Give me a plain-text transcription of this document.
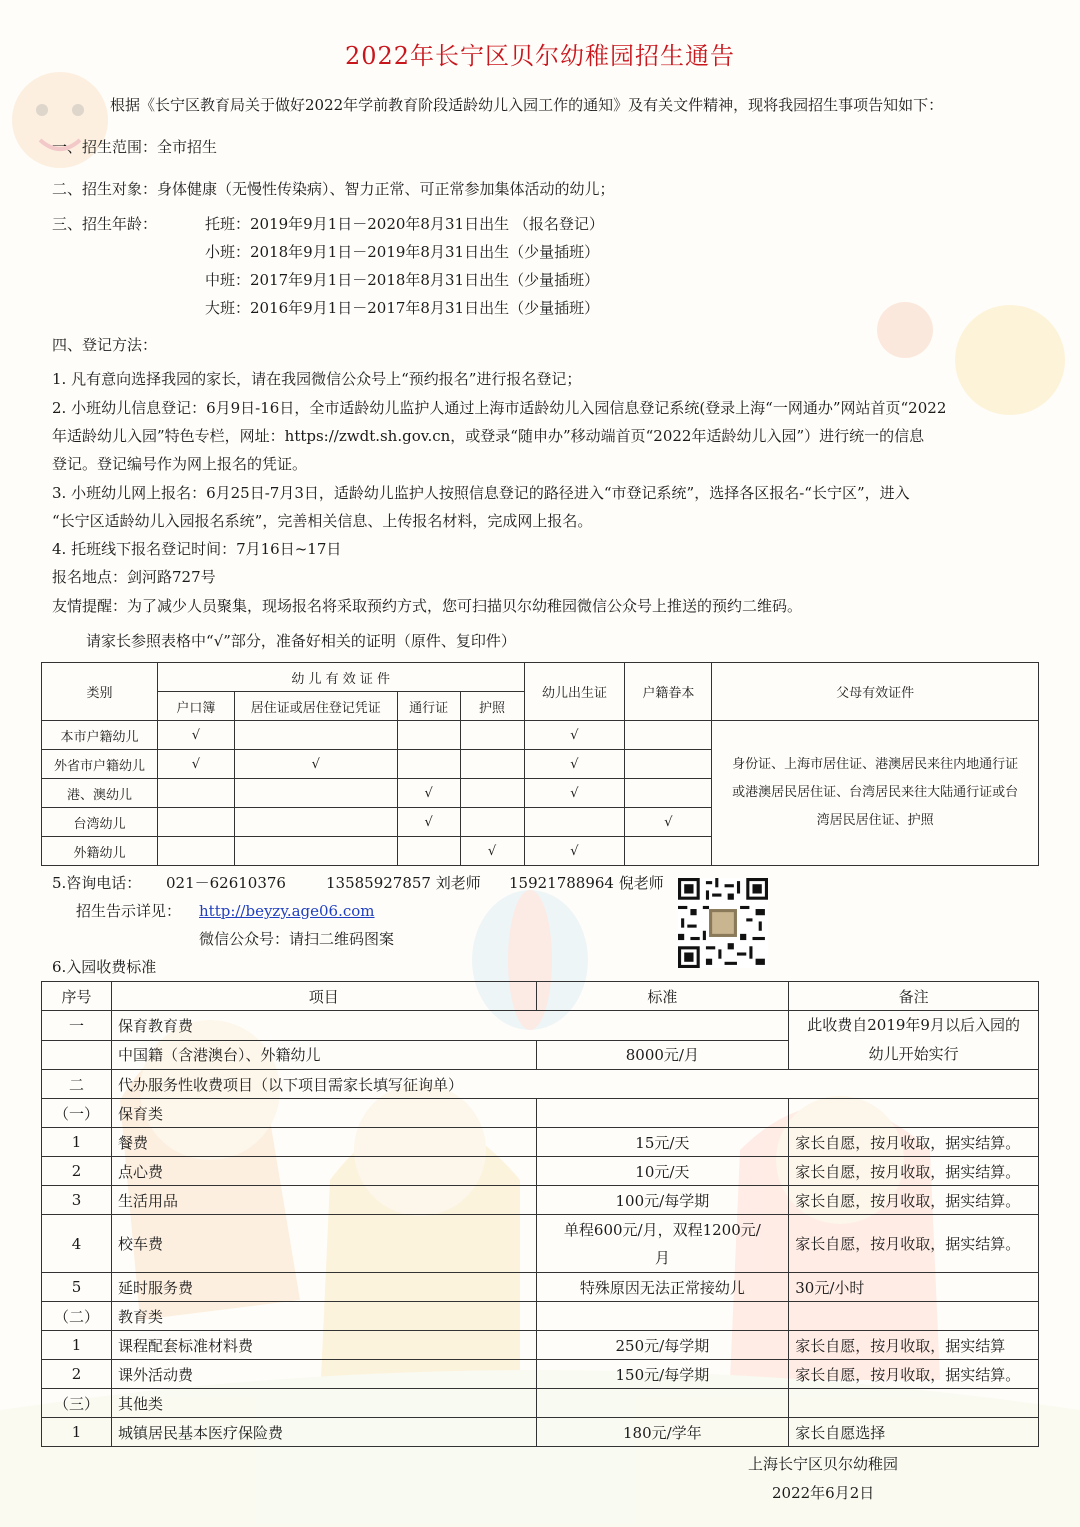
2022年长宁区贝尔幼稚园招生通告
根据《长宁区教育局关于做好2022年学前教育阶段适龄幼儿入园工作的通知》及有关文件精神，现将我园招生事项告知如下：
一、招生范围：全市招生
二、招生对象：身体健康（无慢性传染病）、智力正常、可正常参加集体活动的幼儿；
三、招生年龄：	托班：2019年9月1日－2020年8月31日出生 （报名登记）
小班：2018年9月1日－2019年8月31日出生（少量插班）
中班：2017年9月1日－2018年8月31日出生（少量插班）
大班：2016年9月1日－2017年8月31日出生（少量插班）
四、登记方法：
1. 凡有意向选择我园的家长，请在我园微信公众号上“预约报名”进行报名登记；
2. 小班幼儿信息登记：6月9日-16日，全市适龄幼儿监护人通过上海市适龄幼儿入园信息登记系统(登录上海“一网通办”网站首页“2022
年适龄幼儿入园”特色专栏，网址：https://zwdt.sh.gov.cn，或登录“随申办”移动端首页“2022年适龄幼儿入园”）进行统一的信息
登记。登记编号作为网上报名的凭证。
3. 小班幼儿网上报名：6月25日-7月3日，适龄幼儿监护人按照信息登记的路径进入“市登记系统”，选择各区报名-“长宁区”，进入
“长宁区适龄幼儿入园报名系统”，完善相关信息、上传报名材料，完成网上报名。
4. 托班线下报名登记时间：7月16日~17日
报名地点：剑河路727号
友情提醒：为了减少人员聚集，现场报名将采取预约方式，您可扫描贝尔幼稚园微信公众号上推送的预约二维码。
请家长参照表格中“√”部分，准备好相关的证明（原件、复印件）
类别	幼 儿 有 效 证 件				幼儿出生证	户籍眷本	父母有效证件
	户口簿	居住证或居住登记凭证	通行证	护照			
本市户籍幼儿	√				√		身份证、上海市居住证、港澳居民来往内地通行证
或港澳居民居住证、台湾居民来往大陆通行证或台
湾居民居住证、护照

外省市户籍幼儿	√	√			√		
港、澳幼儿			√		√		
台湾幼儿			√			√	
外籍幼儿				√	√		
5.咨询电话： 021－62610376	13585927857 刘老师 15921788964 倪老师
招生告示详见： http://beyzy.age06.com
微信公众号：请扫二维码图案
6.入园收费标准
序号	项目	标准	备注
一	保育教育费		此收费自2019年9月以后入园的
幼儿开始实行

	中国籍（含港澳台）、外籍幼儿	8000元/月	
二	代办服务性收费项目（以下项目需家长填写征询单）		
（一）	保育类		
1	餐费	15元/天	家长自愿，按月收取，据实结算。
2	点心费	10元/天	家长自愿，按月收取，据实结算。
3	生活用品	100元/每学期	家长自愿，按月收取，据实结算。
4	校车费	单程600元/月，双程1200元/
月	家长自愿，按月收取，据实结算。
5	延时服务费	特殊原因无法正常接幼儿	30元/小时
（二）	教育类		
1	课程配套标准材料费	250元/每学期	家长自愿，按月收取，据实结算
2	课外活动费	150元/每学期	家长自愿，按月收取，据实结算。
（三）	其他类		
1	城镇居民基本医疗保险费	180元/学年	家长自愿选择
上海长宁区贝尔幼稚园
2022年6月2日
